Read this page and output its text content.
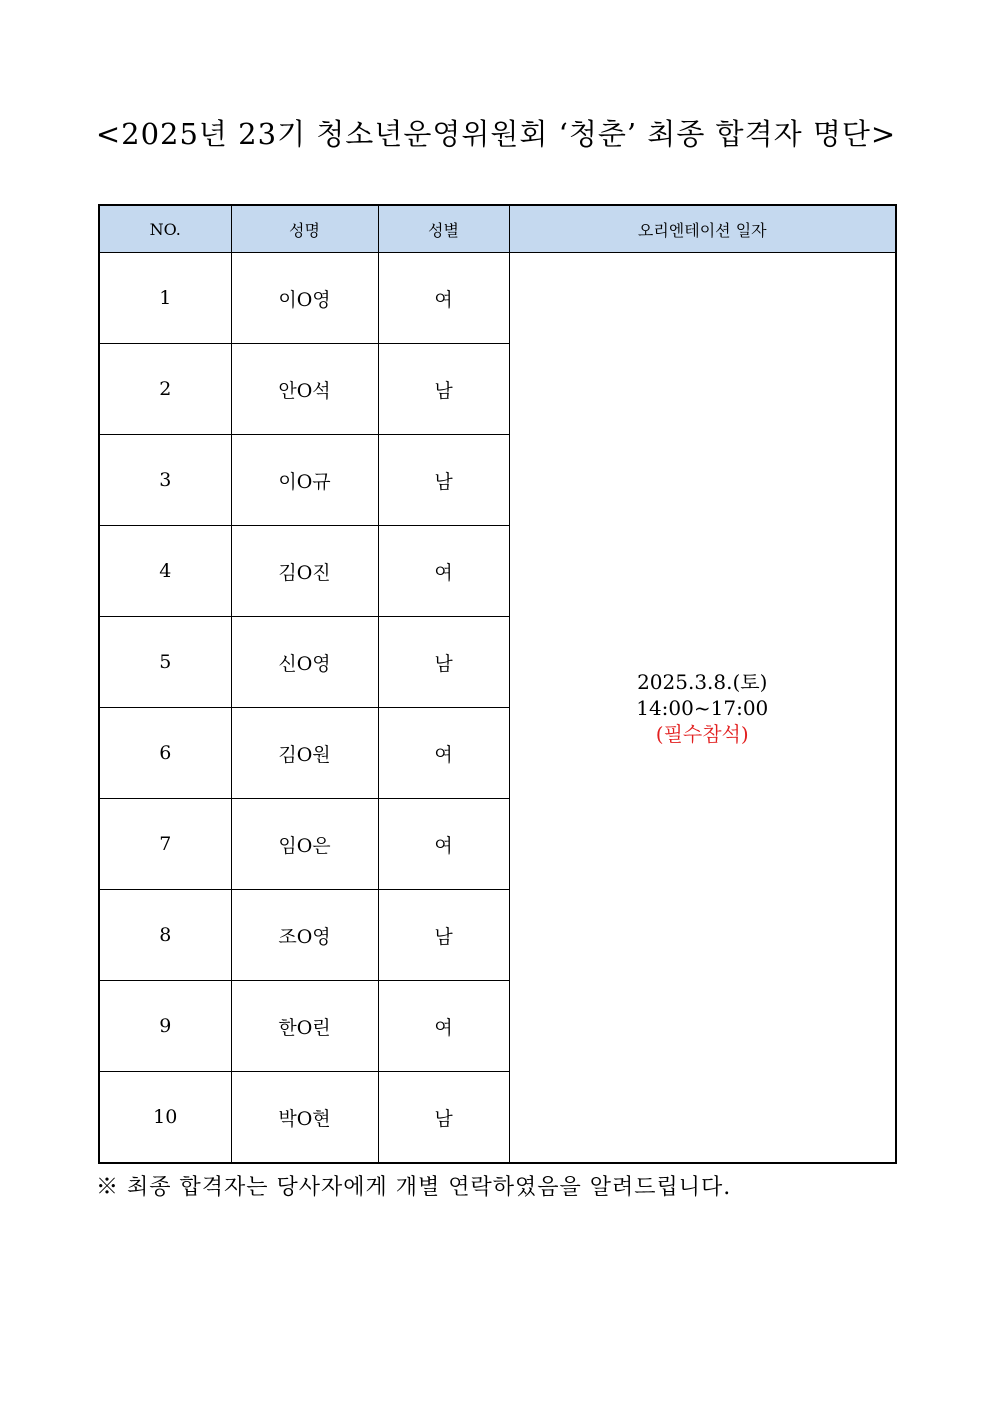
<2025년 23기 청소년운영위원회 ‘청춘’ 최종 합격자 명단>
NO.	성명	성별	오리엔테이션 일자
1	이O영	여	2025.3.8.(토)
14:00~17:00
(필수참석)

2	안O석	남	
3	이O규	남	
4	김O진	여	
5	신O영	남	
6	김O원	여	
7	임O은	여	
8	조O영	남	
9	한O린	여	
10	박O현	남	
※ 최종 합격자는 당사자에게 개별 연락하였음을 알려드립니다.
